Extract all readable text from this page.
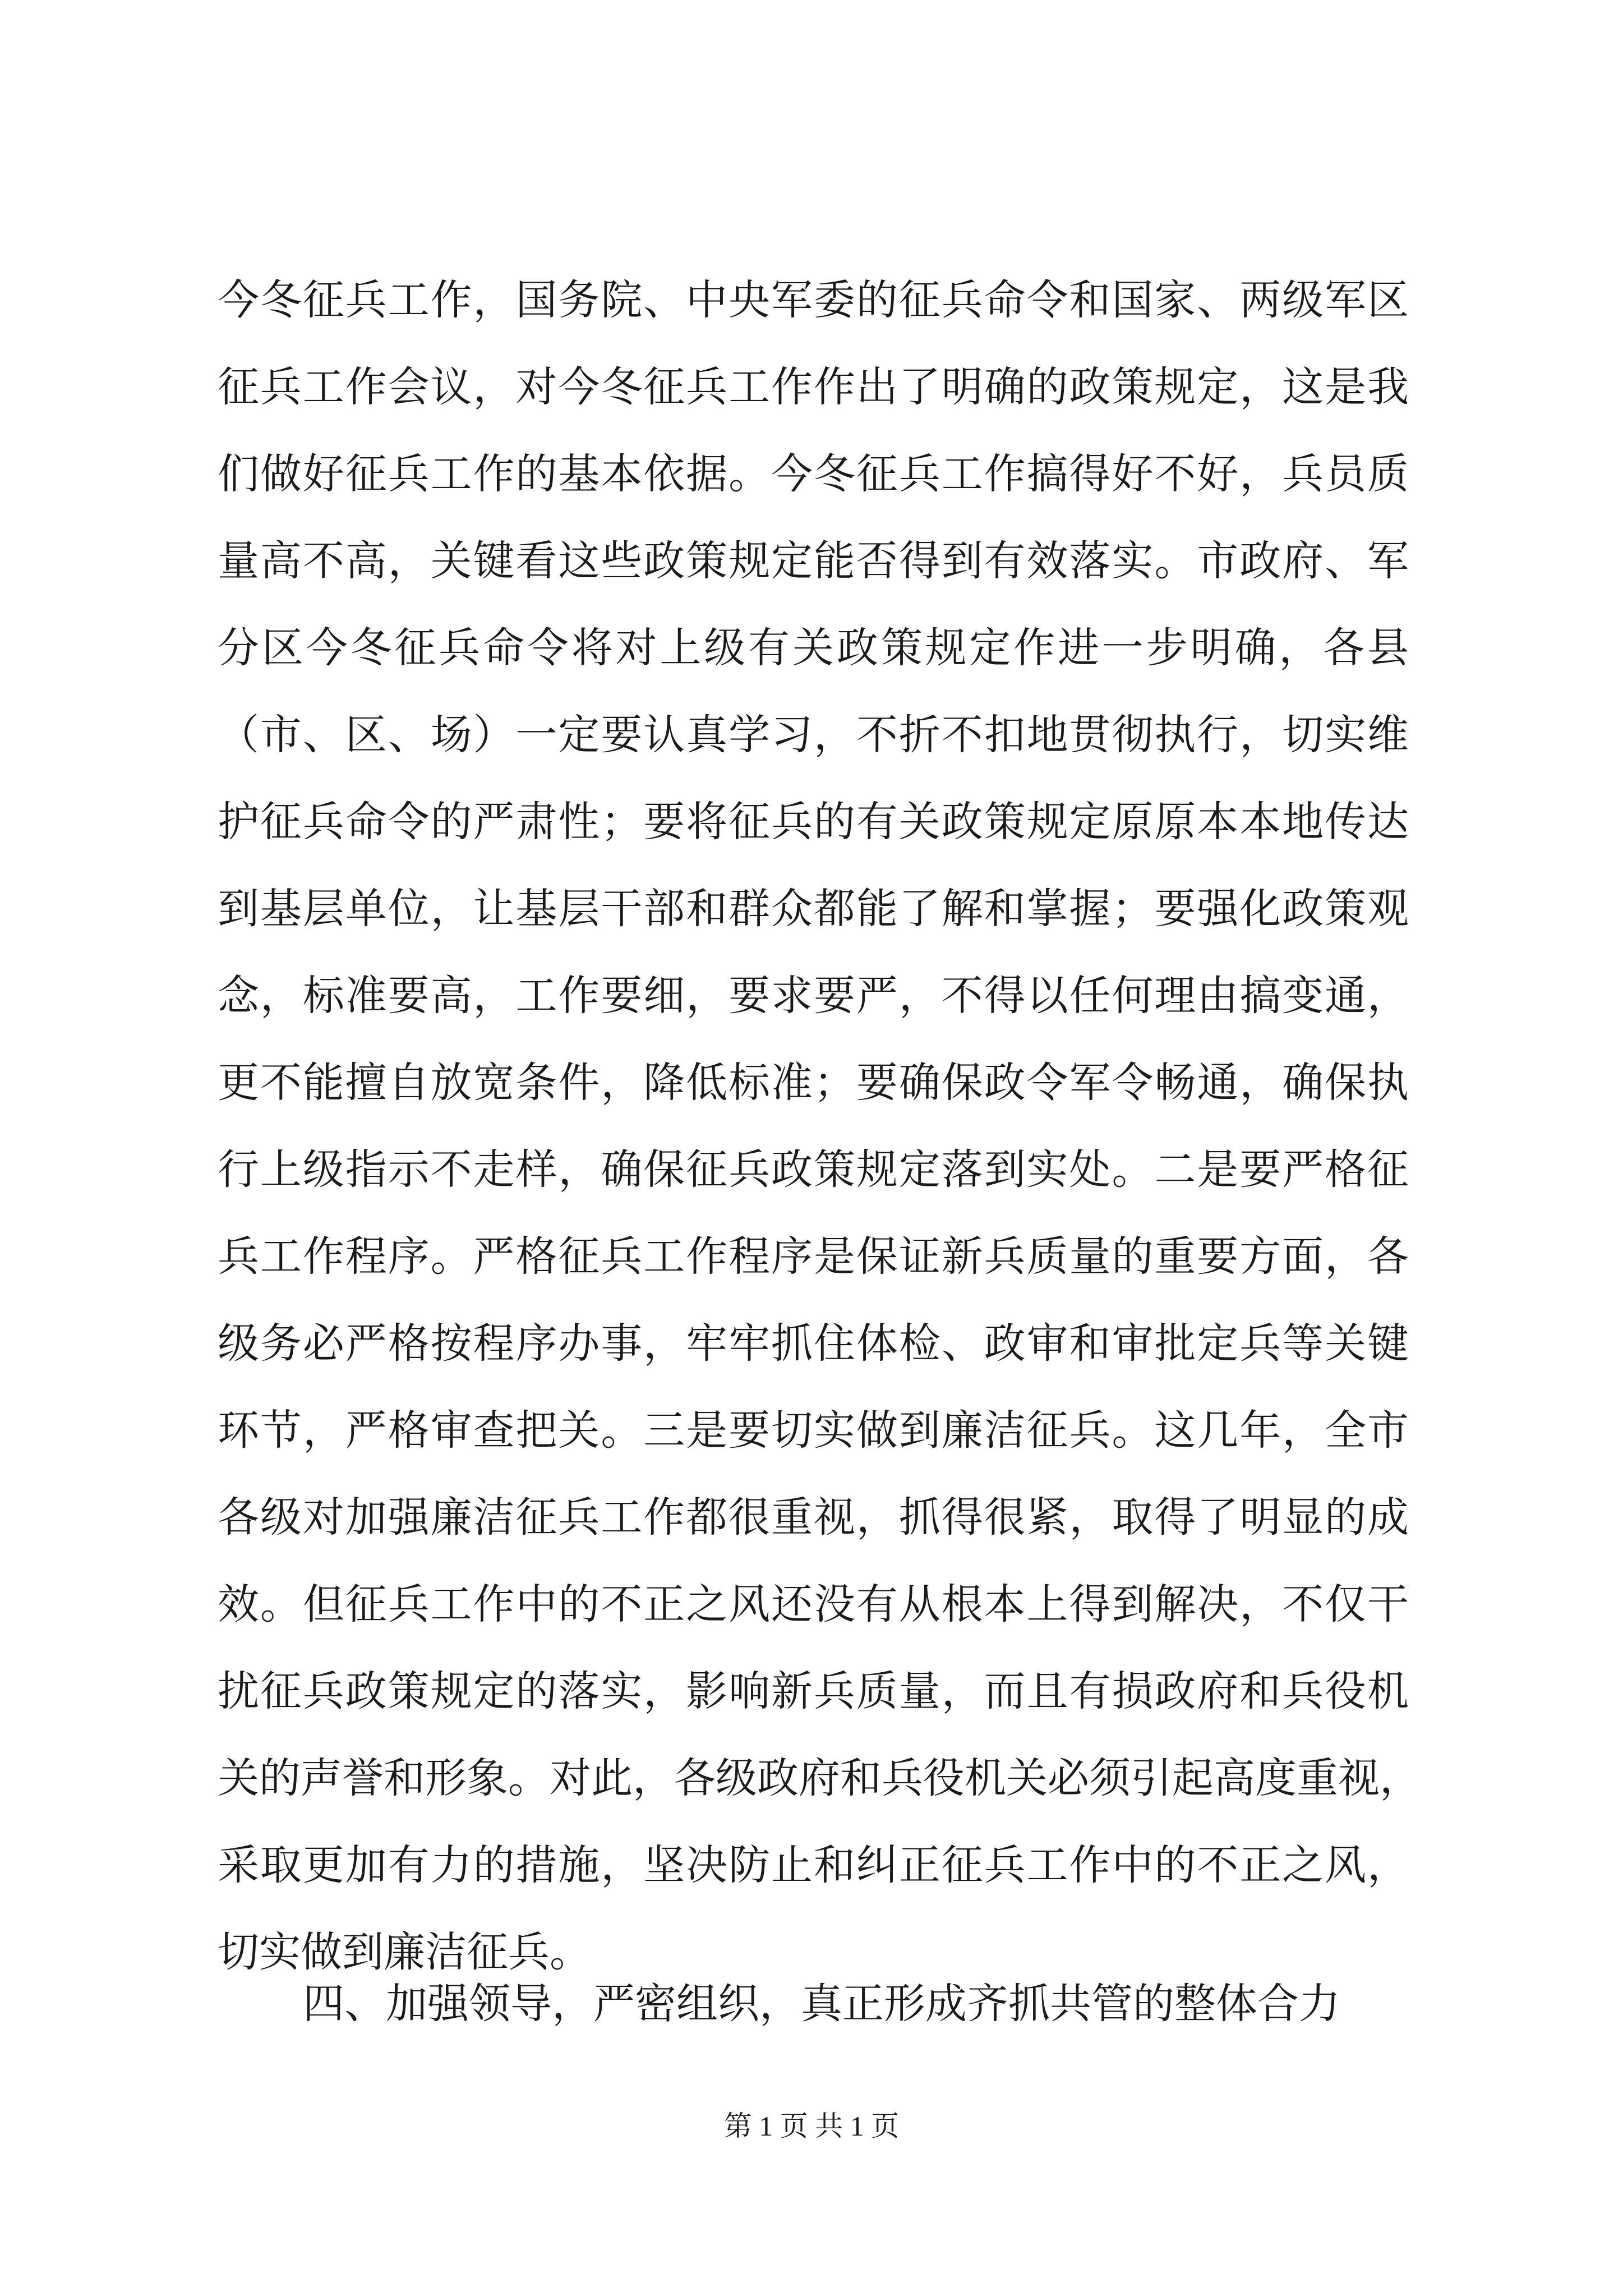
今冬征兵工作，国务院、中央军委的征兵命令和国家、两级军区
征兵工作会议，对今冬征兵工作作出了明确的政策规定，这是我
们做好征兵工作的基本依据。今冬征兵工作搞得好不好，兵员质
量高不高，关键看这些政策规定能否得到有效落实。市政府、军
分区今冬征兵命令将对上级有关政策规定作进一步明确，各县
（市、区、场）一定要认真学习，不折不扣地贯彻执行，切实维
护征兵命令的严肃性；要将征兵的有关政策规定原原本本地传达
到基层单位，让基层干部和群众都能了解和掌握；要强化政策观
念，标准要高，工作要细，要求要严，不得以任何理由搞变通，
更不能擅自放宽条件，降低标准；要确保政令军令畅通，确保执
行上级指示不走样，确保征兵政策规定落到实处。二是要严格征
兵工作程序。严格征兵工作程序是保证新兵质量的重要方面，各
级务必严格按程序办事，牢牢抓住体检、政审和审批定兵等关键
环节，严格审查把关。三是要切实做到廉洁征兵。这几年，全市
各级对加强廉洁征兵工作都很重视，抓得很紧，取得了明显的成
效。但征兵工作中的不正之风还没有从根本上得到解决，不仅干
扰征兵政策规定的落实，影响新兵质量，而且有损政府和兵役机
关的声誉和形象。对此，各级政府和兵役机关必须引起高度重视，
采取更加有力的措施，坚决防止和纠正征兵工作中的不正之风，
切实做到廉洁征兵。
四、加强领导，严密组织，真正形成齐抓共管的整体合力
第 1 页 共 1 页
